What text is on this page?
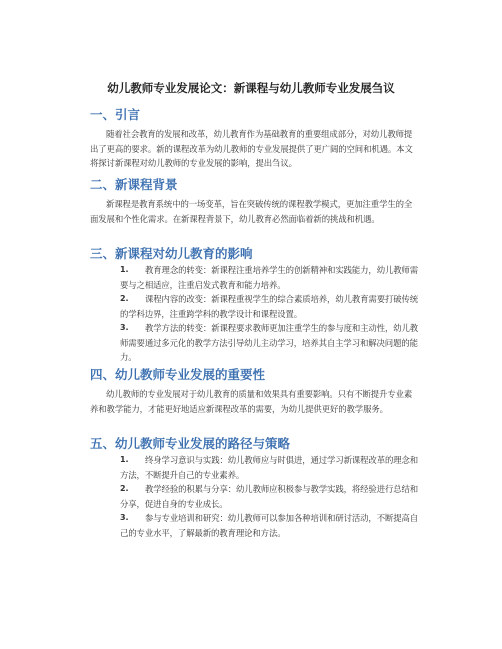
幼儿教师专业发展论文：新课程与幼儿教师专业发展刍议
一、引言
随着社会教育的发展和改革，幼儿教育作为基础教育的重要组成部分，对幼儿教师提出了更高的要求。新的课程改革为幼儿教师的专业发展提供了更广阔的空间和机遇。本文将探讨新课程对幼儿教师的专业发展的影响，提出刍议。
二、新课程背景
新课程是教育系统中的一场变革，旨在突破传统的课程教学模式，更加注重学生的全面发展和个性化需求。在新课程背景下，幼儿教育必然面临着新的挑战和机遇。
三、新课程对幼儿教育的影响
1.	教育理念的转变：新课程注重培养学生的创新精神和实践能力，幼儿教师需要与之相适应，注重启发式教育和能力培养。
2.	课程内容的改变：新课程重视学生的综合素质培养，幼儿教育需要打破传统的学科边界，注重跨学科的教学设计和课程设置。
3.	教学方法的转变：新课程要求教师更加注重学生的参与度和主动性，幼儿教师需要通过多元化的教学方法引导幼儿主动学习，培养其自主学习和解决问题的能力。
四、幼儿教师专业发展的重要性
幼儿教师的专业发展对于幼儿教育的质量和效果具有重要影响。只有不断提升专业素养和教学能力，才能更好地适应新课程改革的需要，为幼儿提供更好的教学服务。
五、幼儿教师专业发展的路径与策略
1.	终身学习意识与实践：幼儿教师应与时俱进，通过学习新课程改革的理念和方法，不断提升自己的专业素养。
2.	教学经验的积累与分享：幼儿教师应积极参与教学实践，将经验进行总结和分享，促进自身的专业成长。
3.	参与专业培训和研究：幼儿教师可以参加各种培训和研讨活动，不断提高自己的专业水平，了解最新的教育理论和方法。
